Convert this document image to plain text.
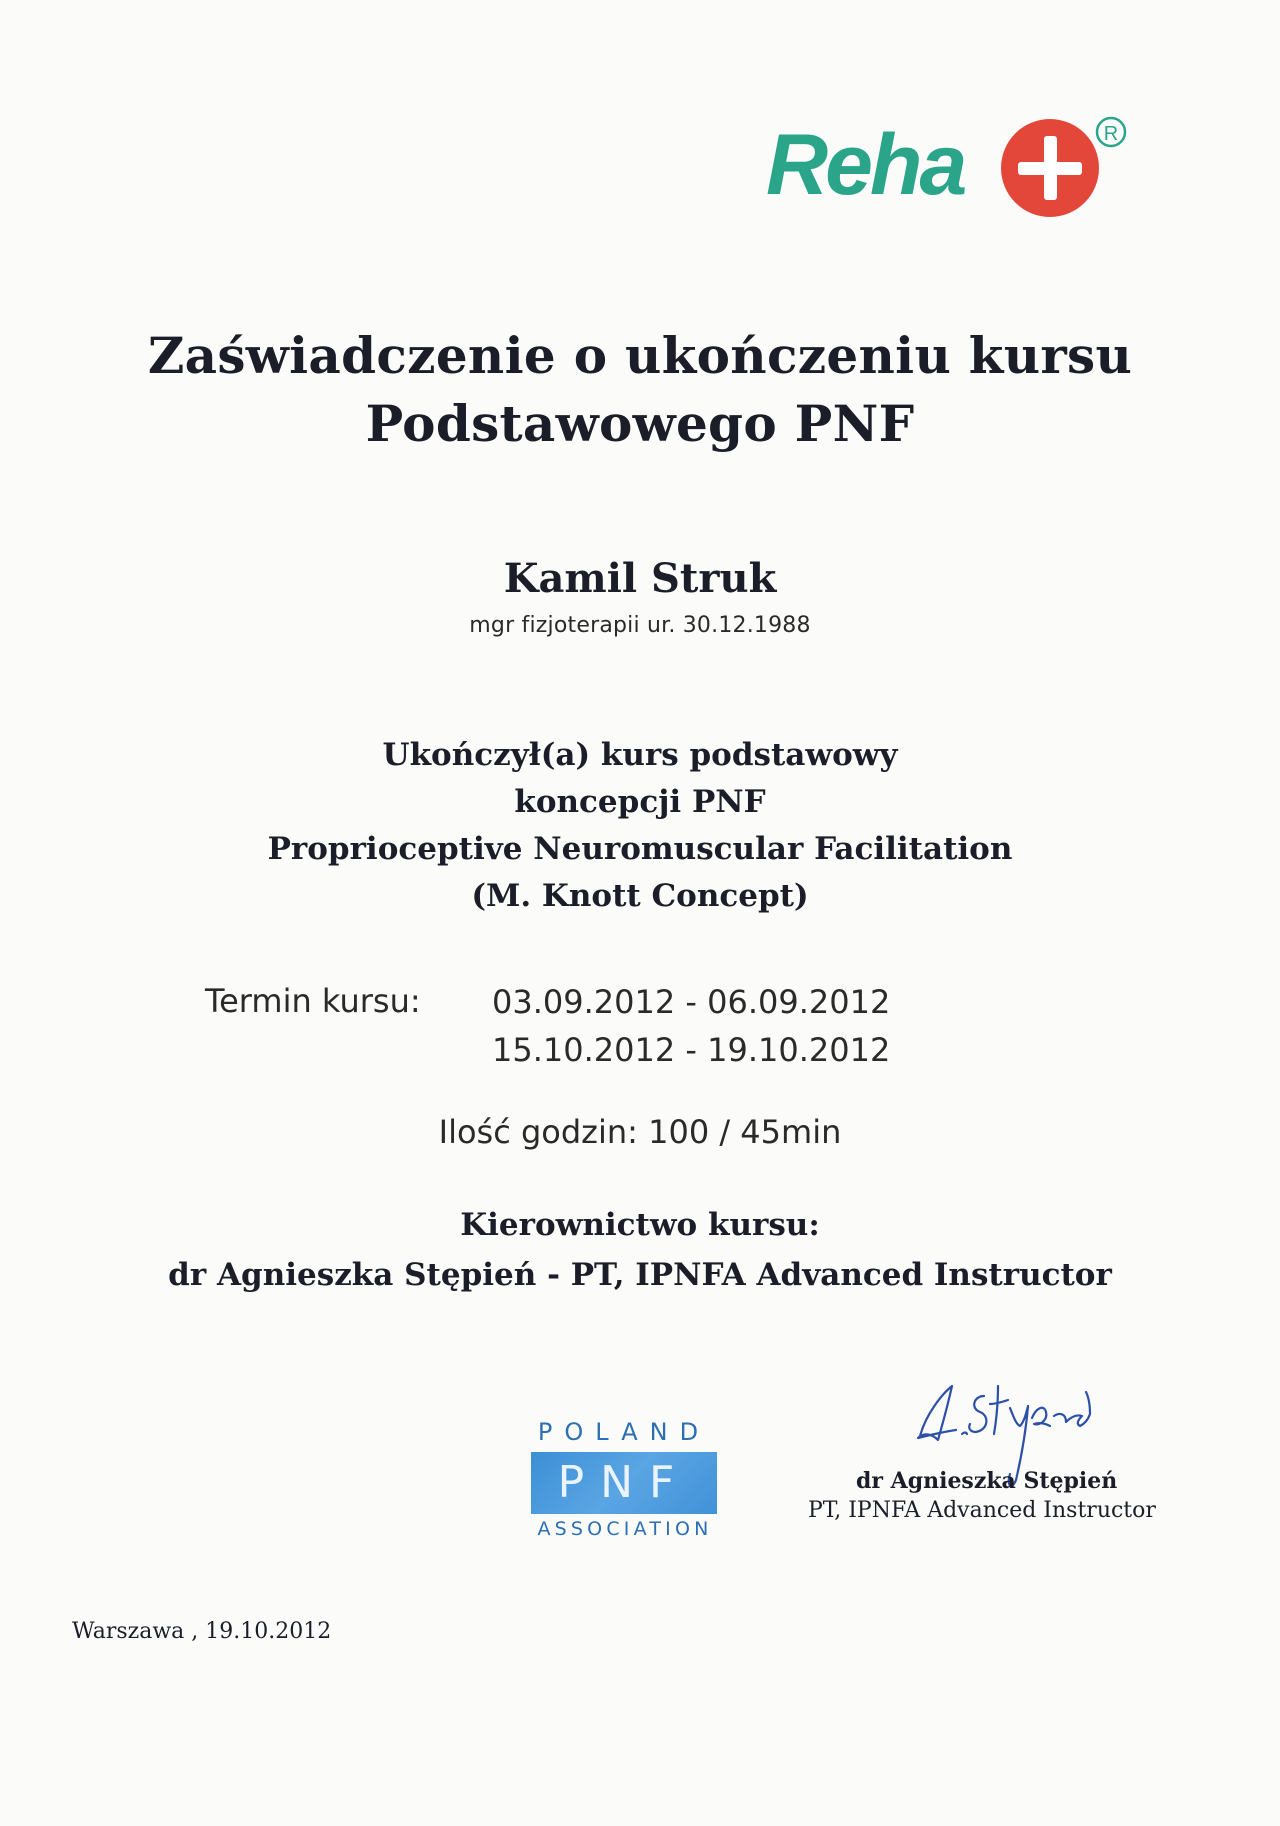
Reha	R
Zaświadczenie o ukończeniu kursu
Podstawowego PNF
Kamil Struk
mgr fizjoterapii ur. 30.12.1988
Ukończył(a) kurs podstawowy
koncepcji PNF
Proprioceptive Neuromuscular Facilitation
(M. Knott Concept)
Termin kursu: 03.09.2012 - 06.09.2012
15.10.2012 - 19.10.2012
Ilość godzin: 100 / 45min
Kierownictwo kursu:
dr Agnieszka Stępień - PT, IPNFA Advanced Instructor
POLAND
PNF
ASSOCIATION
dr Agnieszka Stępień
PT, IPNFA Advanced Instructor
Warszawa , 19.10.2012
